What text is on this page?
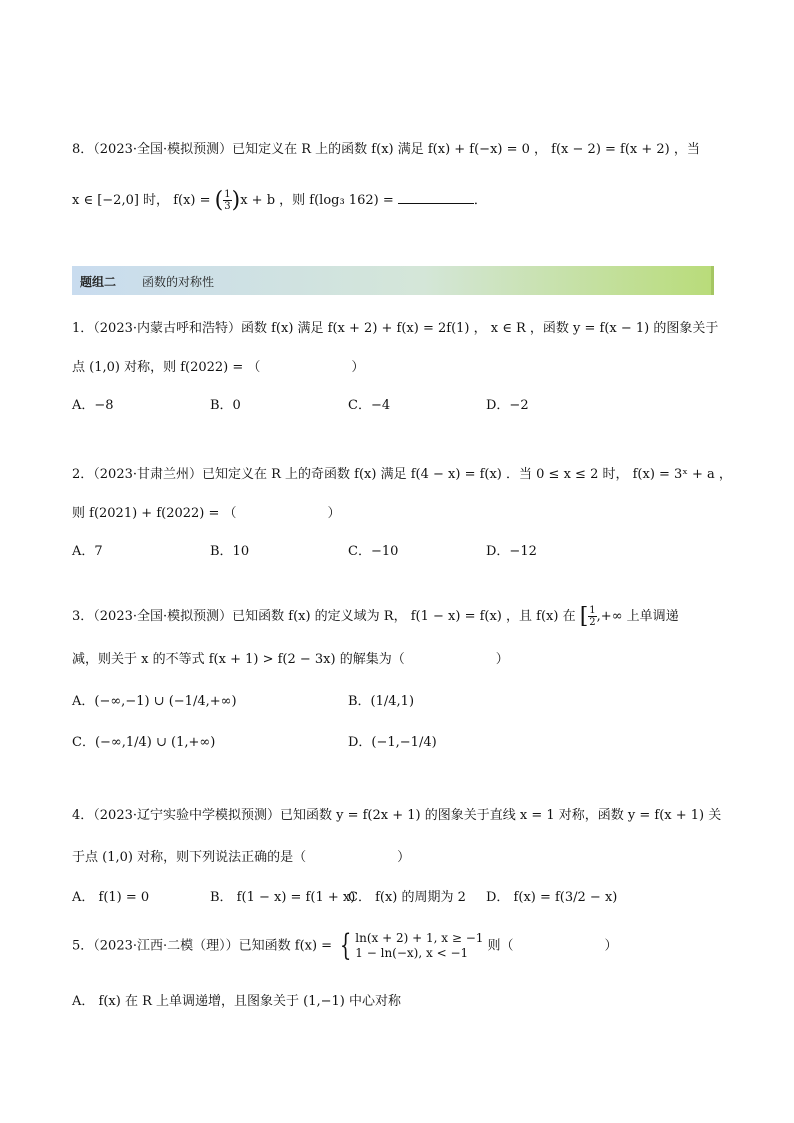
8．（2023·全国·模拟预测）已知定义在 R 上的函数 f(x) 满足 f(x) + f(−x) = 0 ， f(x − 2) = f(x + 2) ，当
x ∈ [−2,0] 时， f(x) = ( $\frac{1}{3} )x + b$ ，则 f(log₃ 162) =	．
题组二 函数的对称性
1．（2023·内蒙古呼和浩特）函数 f(x) 满足 f(x + 2) + f(x) = 2f(1) ， x ∈ R ，函数 y = f(x − 1) 的图象关于
点 (1,0) 对称，则 f(2022) = （　　　　　　　）
A．−8	B．0	C．−4	D．−2
2．（2023·甘肃兰州）已知定义在 R 上的奇函数 f(x) 满足 f(4 − x) = f(x) ．当 0 ≤ x ≤ 2 时， f(x) = 3ˣ + a ，
则 f(2021) + f(2022) = （　　　　　　　）
A．7	B．10	C．−10	D．−12
3．（2023·全国·模拟预测）已知函数 f(x) 的定义域为 R， f(1 − x) = f(x) ，且 f(x) 在 [ $\frac{1}{2}$ ,+∞ 上单调递
减，则关于 x 的不等式 f(x + 1) > f(2 − 3x) 的解集为（　　　　　　　）
A．(−∞,−1) ∪ (−1/4,+∞)	B．(1/4,1)
C．(−∞,1/4) ∪ (1,+∞)	D．(−1,−1/4)
4．（2023·辽宁实验中学模拟预测）已知函数 y = f(2x + 1) 的图象关于直线 x = 1 对称，函数 y = f(x + 1) 关
于点 (1,0) 对称，则下列说法正确的是（　　　　　　　）
A． f(1) = 0	B． f(1 − x) = f(1 + x)
C． f(x) 的周期为 2 D． f(x) = f(3/2 − x)
5．（2023·江西·二模（理））已知函数 f(x) = { ln(x + 2) + 1, x ≥ −1
1 − ln(−x), x < −1	则（　　　　　　　）
A． f(x) 在 R 上单调递增，且图象关于 (1,−1) 中心对称
